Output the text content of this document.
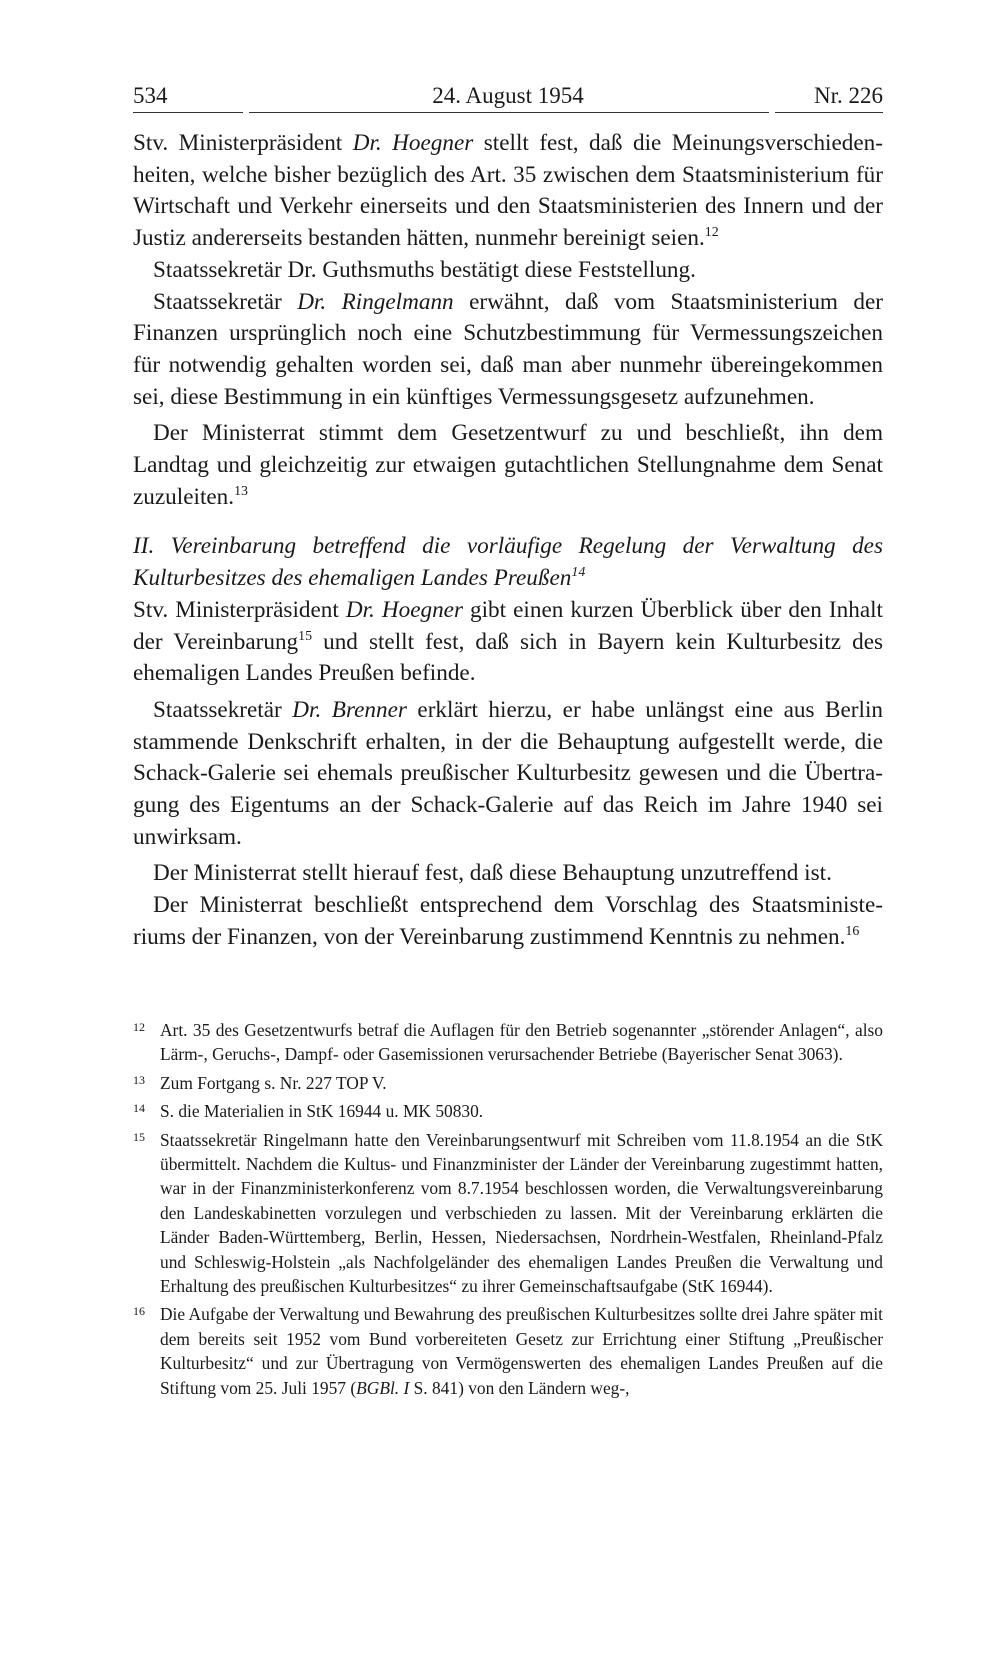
534	24. August 1954	Nr. 226

Stv. Ministerpräsident Dr. Hoegner stellt fest, daß die Meinungsverschiedenheiten, welche bisher bezüglich des Art. 35 zwischen dem Staatsministerium für Wirtschaft und Verkehr einerseits und den Staatsministerien des Innern und der Justiz andererseits bestanden hätten, nunmehr bereinigt seien.$^{12}$

Staatssekretär Dr. Guthsmuths bestätigt diese Feststellung.

Staatssekretär Dr. Ringelmann erwähnt, daß vom Staatsministerium der Finanzen ursprünglich noch eine Schutzbestimmung für Vermessungszeichen für notwendig gehalten worden sei, daß man aber nunmehr übereingekommen sei, diese Bestimmung in ein künftiges Vermessungsgesetz aufzunehmen.

Der Ministerrat stimmt dem Gesetzentwurf zu und beschließt, ihn dem Landtag und gleichzeitig zur etwaigen gutachtlichen Stellungnahme dem Senat zuzuleiten.$^{13}$

II. Vereinbarung betreffend die vorläufige Regelung der Verwaltung des Kulturbesitzes des ehemaligen Landes Preußen$^{14}$

Stv. Ministerpräsident Dr. Hoegner gibt einen kurzen Überblick über den Inhalt der Vereinbarung$^{15}$ und stellt fest, daß sich in Bayern kein Kulturbesitz des ehemaligen Landes Preußen befinde.

Staatssekretär Dr. Brenner erklärt hierzu, er habe unlängst eine aus Berlin stammende Denkschrift erhalten, in der die Behauptung aufgestellt werde, die Schack-Galerie sei ehemals preußischer Kulturbesitz gewesen und die Übertragung des Eigentums an der Schack-Galerie auf das Reich im Jahre 1940 sei unwirksam.

Der Ministerrat stellt hierauf fest, daß diese Behauptung unzutreffend ist.

Der Ministerrat beschließt entsprechend dem Vorschlag des Staatsministeriums der Finanzen, von der Vereinbarung zustimmend Kenntnis zu nehmen.$^{16}$

12 Art. 35 des Gesetzentwurfs betraf die Auflagen für den Betrieb sogenannter „störender Anlagen“, also Lärm-, Geruchs-, Dampf- oder Gasemissionen verursachender Betriebe (Bayerischer Senat 3063).
13 Zum Fortgang s. Nr. 227 TOP V.
14 S. die Materialien in StK 16944 u. MK 50830.
15 Staatssekretär Ringelmann hatte den Vereinbarungsentwurf mit Schreiben vom 11.8.1954 an die StK übermittelt. Nachdem die Kultus- und Finanzminister der Länder der Vereinbarung zugestimmt hatten, war in der Finanzministerkonferenz vom 8.7.1954 beschlossen worden, die Verwaltungsvereinbarung den Landeskabinetten vorzulegen und verbschieden zu lassen. Mit der Vereinbarung erklärten die Länder Baden-Württemberg, Berlin, Hessen, Niedersachsen, Nordrhein-Westfalen, Rheinland-Pfalz und Schleswig-Holstein „als Nachfolgeländer des ehemaligen Landes Preußen die Verwaltung und Erhaltung des preußischen Kulturbesitzes“ zu ihrer Gemeinschaftsaufgabe (StK 16944).
16 Die Aufgabe der Verwaltung und Bewahrung des preußischen Kulturbesitzes sollte drei Jahre später mit dem bereits seit 1952 vom Bund vorbereiteten Gesetz zur Errichtung einer Stiftung „Preußischer Kulturbesitz“ und zur Übertragung von Vermögenswerten des ehemaligen Landes Preußen auf die Stiftung vom 25. Juli 1957 (BGBl. I S. 841) von den Ländern weg-,
